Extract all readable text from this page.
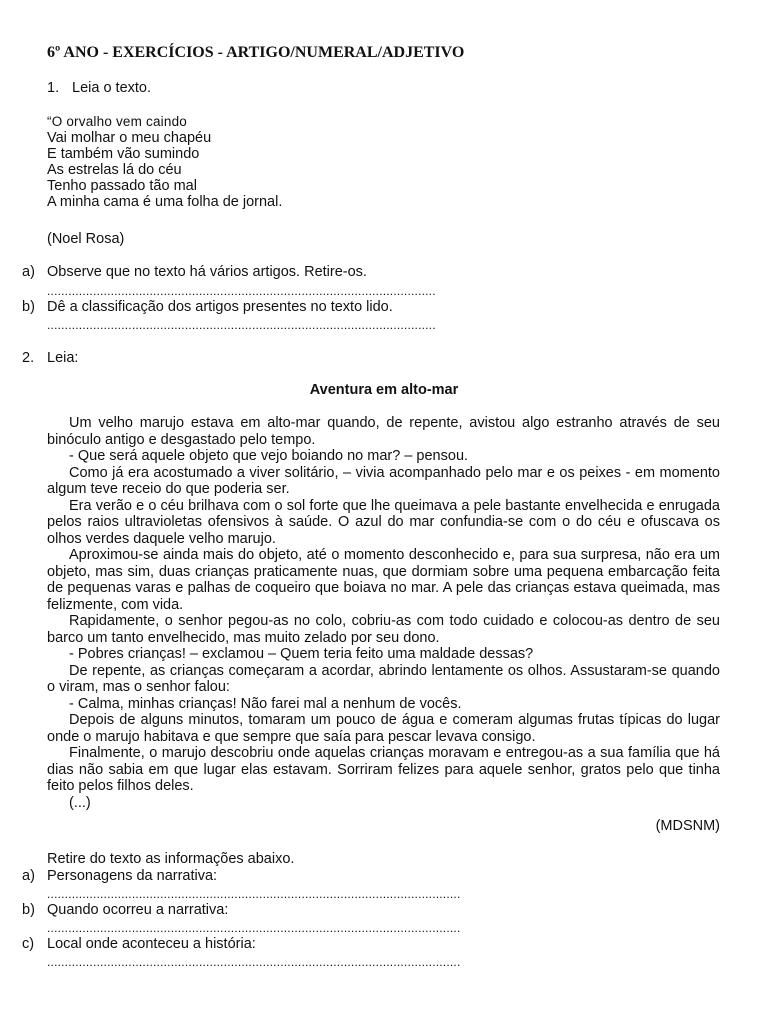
6º ANO - EXERCÍCIOS - ARTIGO/NUMERAL/ADJETIVO
1. Leia o texto.
“O orvalho vem caindo
Vai molhar o meu chapéu
E também vão sumindo
As estrelas lá do céu
Tenho passado tão mal
A minha cama é uma folha de jornal.
(Noel Rosa)
a) Observe que no texto há vários artigos. Retire-os.
..............................................................................................................
b) Dê a classificação dos artigos presentes no texto lido.
..............................................................................................................
2. Leia:
Aventura em alto-mar

Um velho marujo estava em alto-mar quando, de repente, avistou algo estranho através de seu binóculo antigo e desgastado pelo tempo.

- Que será aquele objeto que vejo boiando no mar? – pensou.

Como já era acostumado a viver solitário, – vivia acompanhado pelo mar e os peixes - em momento algum teve receio do que poderia ser.

Era verão e o céu brilhava com o sol forte que lhe queimava a pele bastante envelhecida e enrugada pelos raios ultravioletas ofensivos à saúde. O azul do mar confundia-se com o do céu e ofuscava os olhos verdes daquele velho marujo.

Aproximou-se ainda mais do objeto, até o momento desconhecido e, para sua surpresa, não era um objeto, mas sim, duas crianças praticamente nuas, que dormiam sobre uma pequena embarcação feita de pequenas varas e palhas de coqueiro que boiava no mar. A pele das crianças estava queimada, mas felizmente, com vida.

Rapidamente, o senhor pegou-as no colo, cobriu-as com todo cuidado e colocou-as dentro de seu barco um tanto envelhecido, mas muito zelado por seu dono.

- Pobres crianças! – exclamou – Quem teria feito uma maldade dessas?

De repente, as crianças começaram a acordar, abrindo lentamente os olhos. Assustaram-se quando o viram, mas o senhor falou:

- Calma, minhas crianças! Não farei mal a nenhum de vocês.

Depois de alguns minutos, tomaram um pouco de água e comeram algumas frutas típicas do lugar onde o marujo habitava e que sempre que saía para pescar levava consigo.

Finalmente, o marujo descobriu onde aquelas crianças moravam e entregou-as a sua família que há dias não sabia em que lugar elas estavam. Sorriram felizes para aquele senhor, gratos pelo que tinha feito pelos filhos deles.

(...)

(MDSNM)
Retire do texto as informações abaixo.
a) Personagens da narrativa:
.....................................................................................................................
b) Quando ocorreu a narrativa:
.....................................................................................................................
c) Local onde aconteceu a história:
.....................................................................................................................
